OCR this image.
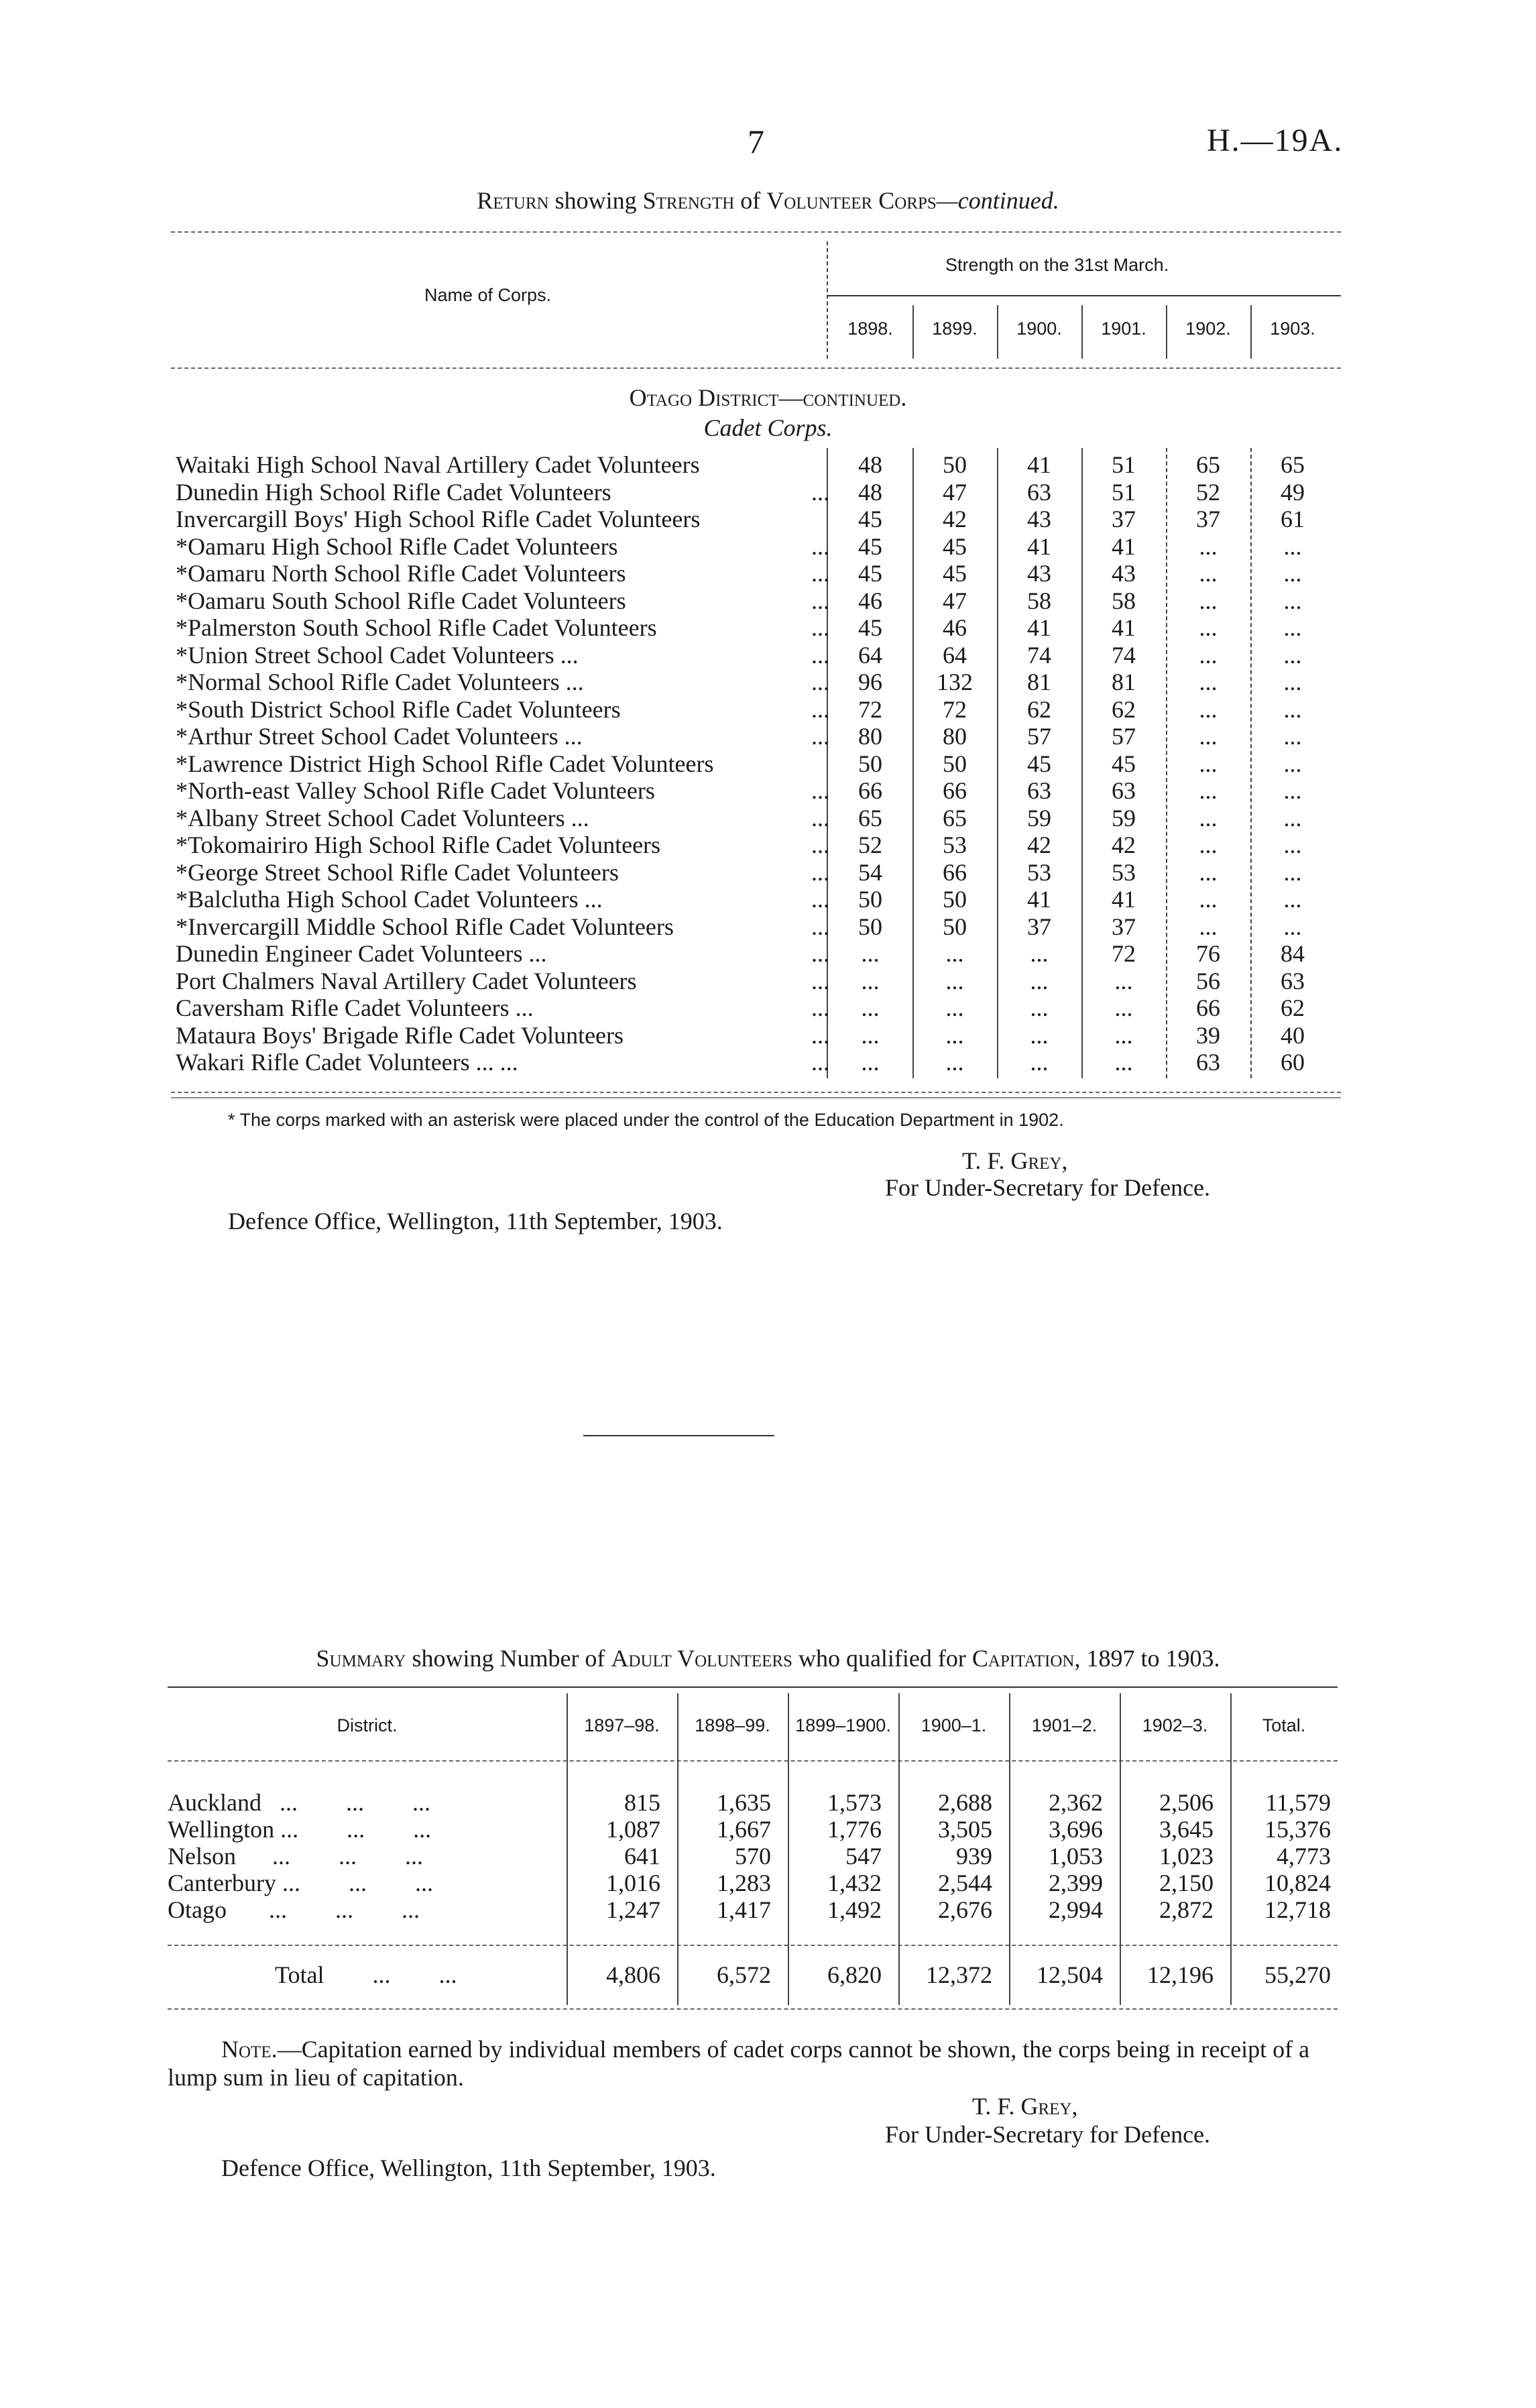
7	H.—19A.
Return showing Strength of Volunteer Corps—continued.
Name of Corps.
Strength on the 31st March.
1898.	1899.	1900.	1901.	1902.	1903.
Otago District—continued.
Cadet Corps.
Waitaki High School Naval Artillery Cadet Volunteers	48	50	41	51	65	65
Dunedin High School Rifle Cadet Volunteers	...	48	47	63	51	52	49
Invercargill Boys' High School Rifle Cadet Volunteers	45	42	43	37	37	61
*Oamaru High School Rifle Cadet Volunteers	...	45	45	41	41	...	...
*Oamaru North School Rifle Cadet Volunteers	...	45	45	43	43	...	...
*Oamaru South School Rifle Cadet Volunteers	...	46	47	58	58	...	...
*Palmerston South School Rifle Cadet Volunteers	...	45	46	41	41	...	...
*Union Street School Cadet Volunteers ...	...	64	64	74	74	...	...
*Normal School Rifle Cadet Volunteers ...	...	96	132	81	81	...	...
*South District School Rifle Cadet Volunteers	...	72	72	62	62	...	...
*Arthur Street School Cadet Volunteers ...	...	80	80	57	57	...	...
*Lawrence District High School Rifle Cadet Volunteers	50	50	45	45	...	...
*North-east Valley School Rifle Cadet Volunteers	...	66	66	63	63	...	...
*Albany Street School Cadet Volunteers ...	...	65	65	59	59	...	...
*Tokomairiro High School Rifle Cadet Volunteers	...	52	53	42	42	...	...
*George Street School Rifle Cadet Volunteers	...	54	66	53	53	...	...
*Balclutha High School Cadet Volunteers ...	...	50	50	41	41	...	...
*Invercargill Middle School Rifle Cadet Volunteers	...	50	50	37	37	...	...
Dunedin Engineer Cadet Volunteers ...	...	...	...	...	72	76	84
Port Chalmers Naval Artillery Cadet Volunteers	...	...	...	...	...	56	63
Caversham Rifle Cadet Volunteers ...	...	...	...	...	...	66	62
Mataura Boys' Brigade Rifle Cadet Volunteers	...	...	...	...	...	39	40
Wakari Rifle Cadet Volunteers ... ...	...	...	...	...	...	63	60
* The corps marked with an asterisk were placed under the control of the Education Department in 1902.
T. F. Grey,
For Under-Secretary for Defence.
Defence Office, Wellington, 11th September, 1903.
Summary showing Number of Adult Volunteers who qualified for Capitation, 1897 to 1903.
District.	1897–98.	1898–99.	1899–1900.	1900–1.	1901–2.	1902–3.	Total.
Auckland   ...        ...        ...	815	1,635	1,573	2,688	2,362	2,506	11,579
Wellington ...        ...        ...	1,087	1,667	1,776	3,505	3,696	3,645	15,376
Nelson      ...        ...        ...	641	570	547	939	1,053	1,023	4,773
Canterbury ...        ...        ...	1,016	1,283	1,432	2,544	2,399	2,150	10,824
Otago       ...        ...        ...	1,247	1,417	1,492	2,676	2,994	2,872	12,718
Total        ...        ...	4,806	6,572	6,820	12,372	12,504	12,196	55,270
Note.—Capitation earned by individual members of cadet corps cannot be shown, the corps being in receipt of a lump sum in lieu of capitation.
T. F. Grey,
For Under-Secretary for Defence.
Defence Office, Wellington, 11th September, 1903.
